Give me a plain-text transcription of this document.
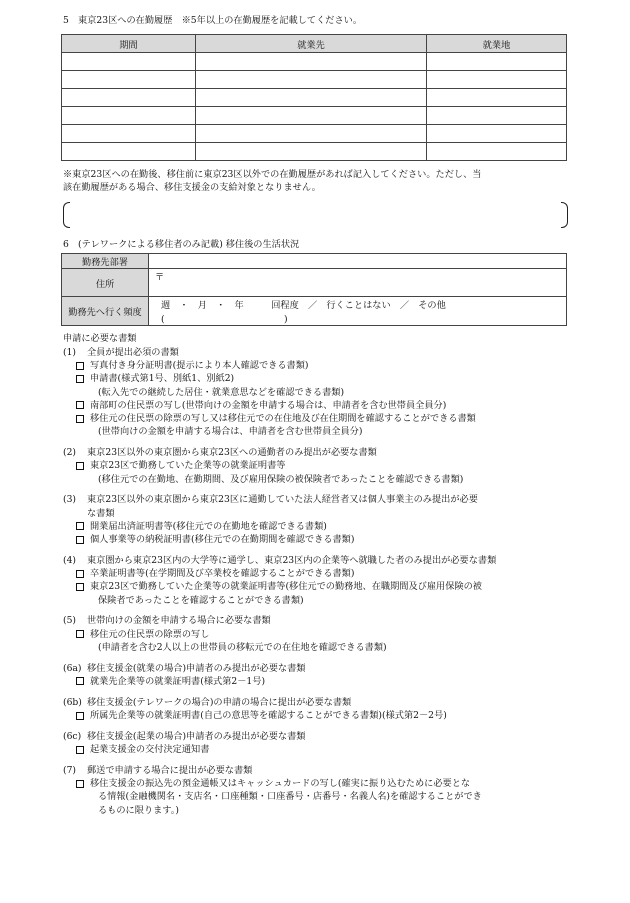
5　東京23区への在勤履歴　※5年以上の在勤履歴を記載してください。
期間	就業先	就業地

※東京23区への在勤後、移住前に東京23区以外での在勤履歴があれば記入してください。ただし、当
該在勤履歴がある場合、移住支援金の支給対象となりません。
6　(テレワークによる移住者のみ記載) 移住後の生活状況
勤務先部署	
住所	〒
勤務先へ行く頻度	週　・　月　・　年　　　回程度　／　行くことはない　／　その他(　　　　　　　　　　　　　)
申請に必要な書類
(1) 全員が提出必須の書類
写真付き身分証明書(提示により本人確認できる書類)
申請書(様式第1号、別紙1、別紙2)
(転入先での継続した居住・就業意思などを確認できる書類)
南部町の住民票の写し(世帯向けの金額を申請する場合は、申請者を含む世帯員全員分)
移住元の住民票の除票の写し又は移住元での在住地及び在住期間を確認することができる書類
(世帯向けの金額を申請する場合は、申請者を含む世帯員全員分)
(2) 東京23区以外の東京圏から東京23区への通勤者のみ提出が必要な書類
東京23区で勤務していた企業等の就業証明書等
(移住元での在勤地、在勤期間、及び雇用保険の被保険者であったことを確認できる書類)
(3) 東京23区以外の東京圏から東京23区に通勤していた法人経営者又は個人事業主のみ提出が必要
な書類
開業届出済証明書等(移住元での在勤地を確認できる書類)
個人事業等の納税証明書(移住元での在勤期間を確認できる書類)
(4) 東京圏から東京23区内の大学等に通学し、東京23区内の企業等へ就職した者のみ提出が必要な書類
卒業証明書等(在学期間及び卒業校を確認することができる書類)
東京23区で勤務していた企業等の就業証明書等(移住元での勤務地、在職期間及び雇用保険の被
保険者であったことを確認することができる書類)
(5) 世帯向けの金額を申請する場合に必要な書類
移住元の住民票の除票の写し
(申請者を含む2人以上の世帯員の移転元での在住地を確認できる書類)
(6a) 移住支援金(就業の場合)申請者のみ提出が必要な書類
就業先企業等の就業証明書(様式第2－1号)
(6b) 移住支援金(テレワークの場合)の申請の場合に提出が必要な書類
所属先企業等の就業証明書(自己の意思等を確認することができる書類)(様式第2－2号)
(6c) 移住支援金(起業の場合)申請者のみ提出が必要な書類
起業支援金の交付決定通知書
(7) 郵送で申請する場合に提出が必要な書類
移住支援金の振込先の預金通帳又はキャッシュカードの写し(確実に振り込むために必要とな
る情報(金融機関名・支店名・口座種類・口座番号・店番号・名義人名)を確認することができ
るものに限ります。)
